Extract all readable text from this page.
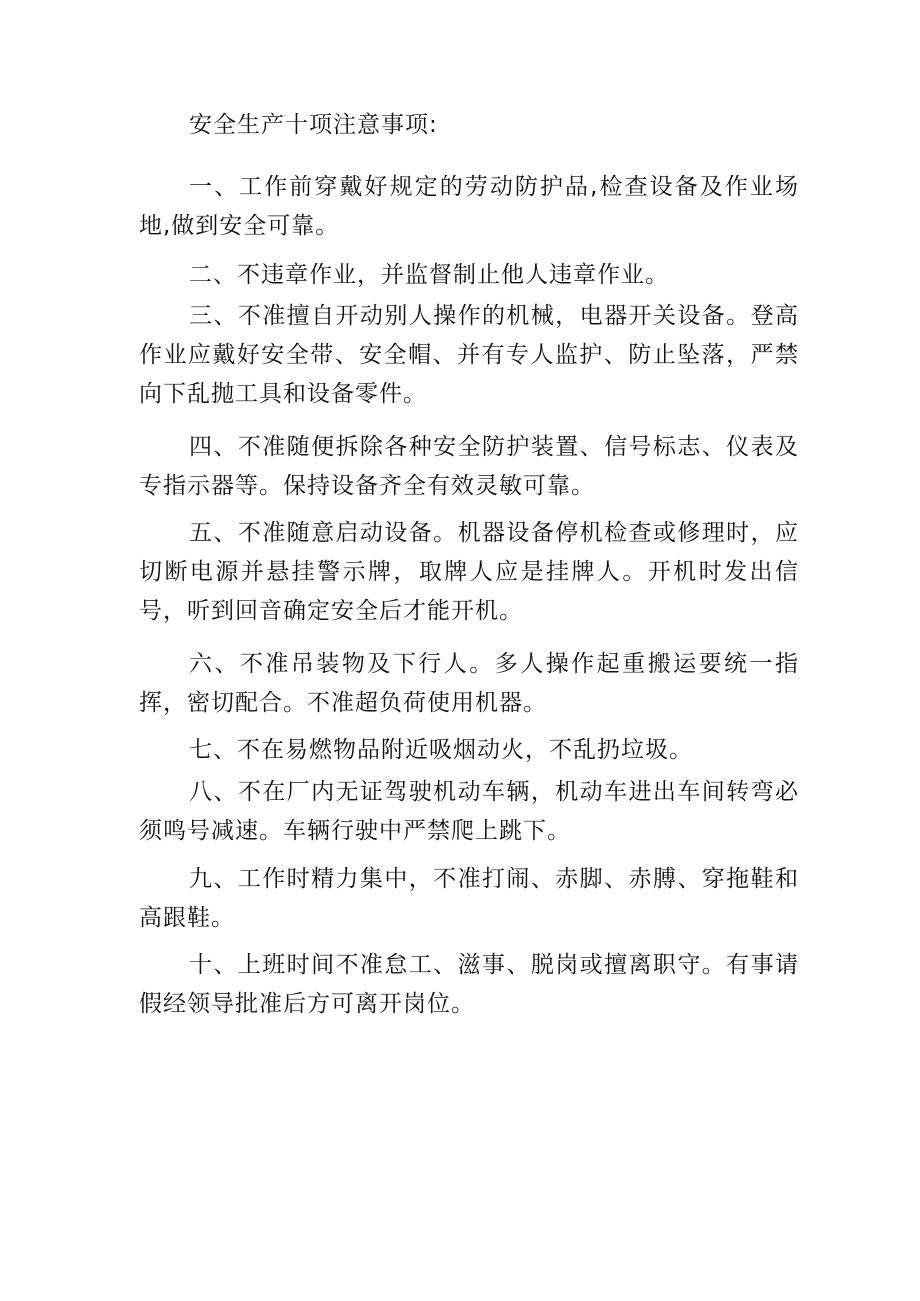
安全生产十项注意事项:

一、工作前穿戴好规定的劳动防护品,检查设备及作业场地,做到安全可靠。

二、不违章作业，并监督制止他人违章作业。

三、不准擅自开动别人操作的机械，电器开关设备。登高作业应戴好安全带、安全帽、并有专人监护、防止坠落，严禁向下乱抛工具和设备零件。

四、不准随便拆除各种安全防护装置、信号标志、仪表及专指示器等。保持设备齐全有效灵敏可靠。

五、不准随意启动设备。机器设备停机检查或修理时，应切断电源并悬挂警示牌，取牌人应是挂牌人。开机时发出信号，听到回音确定安全后才能开机。

六、不准吊装物及下行人。多人操作起重搬运要统一指挥，密切配合。不准超负荷使用机器。

七、不在易燃物品附近吸烟动火，不乱扔垃圾。

八、不在厂内无证驾驶机动车辆，机动车进出车间转弯必须鸣号减速。车辆行驶中严禁爬上跳下。

九、工作时精力集中，不准打闹、赤脚、赤膊、穿拖鞋和高跟鞋。

十、上班时间不准怠工、滋事、脱岗或擅离职守。有事请假经领导批准后方可离开岗位。
